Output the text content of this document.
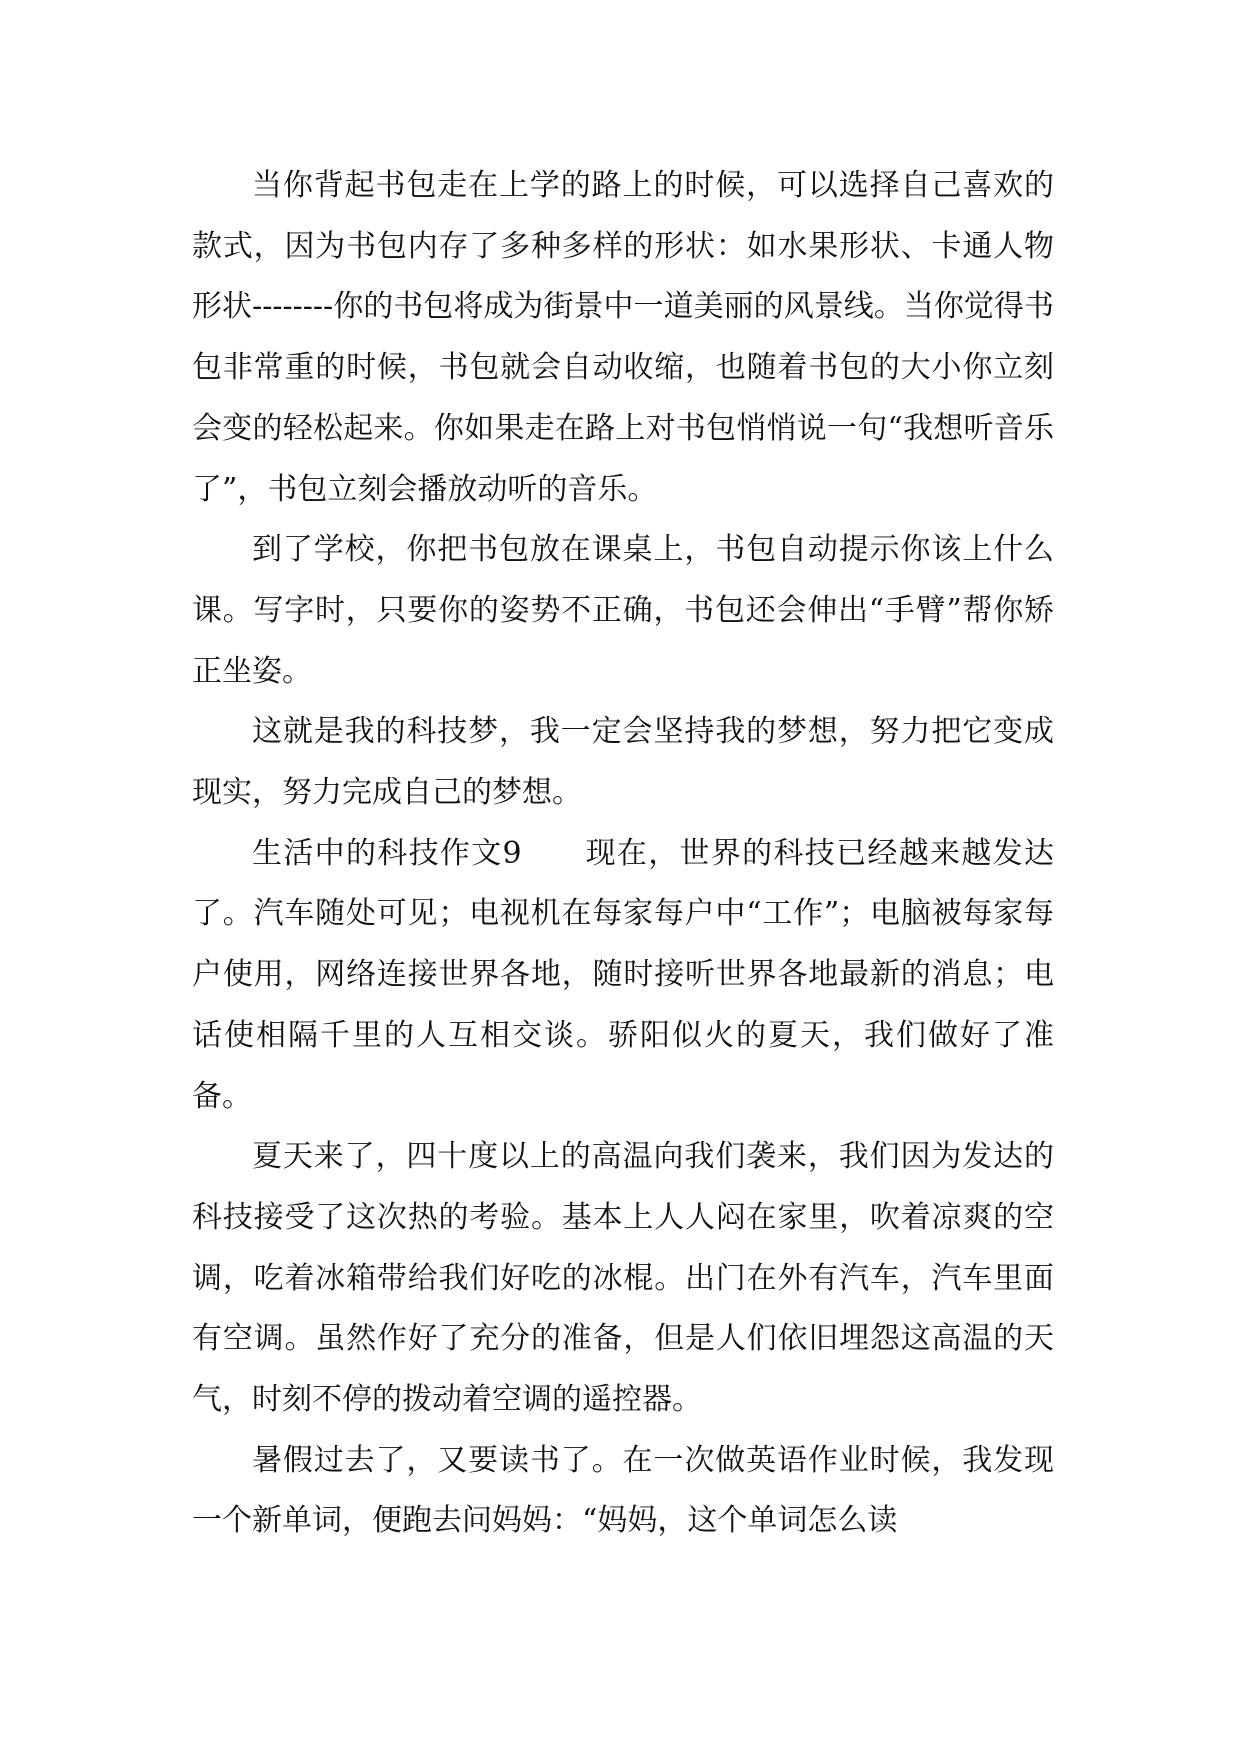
当你背起书包走在上学的路上的时候，可以选择自己喜欢的款式，因为书包内存了多种多样的形状：如水果形状、卡通人物形状--------你的书包将成为街景中一道美丽的风景线。当你觉得书包非常重的时候，书包就会自动收缩，也随着书包的大小你立刻会变的轻松起来。你如果走在路上对书包悄悄说一句“我想听音乐了”，书包立刻会播放动听的音乐。

到了学校，你把书包放在课桌上，书包自动提示你该上什么课。写字时，只要你的姿势不正确，书包还会伸出“手臂”帮你矫正坐姿。

这就是我的科技梦，我一定会坚持我的梦想，努力把它变成现实，努力完成自己的梦想。

生活中的科技作文9　　现在，世界的科技已经越来越发达了。汽车随处可见；电视机在每家每户中“工作”；电脑被每家每户使用，网络连接世界各地，随时接听世界各地最新的消息；电话使相隔千里的人互相交谈。骄阳似火的夏天，我们做好了准备。

夏天来了，四十度以上的高温向我们袭来，我们因为发达的科技接受了这次热的考验。基本上人人闷在家里，吹着凉爽的空调，吃着冰箱带给我们好吃的冰棍。出门在外有汽车，汽车里面有空调。虽然作好了充分的准备，但是人们依旧埋怨这高温的天气，时刻不停的拨动着空调的遥控器。

暑假过去了，又要读书了。在一次做英语作业时候，我发现一个新单词，便跑去问妈妈：“妈妈，这个单词怎么读
